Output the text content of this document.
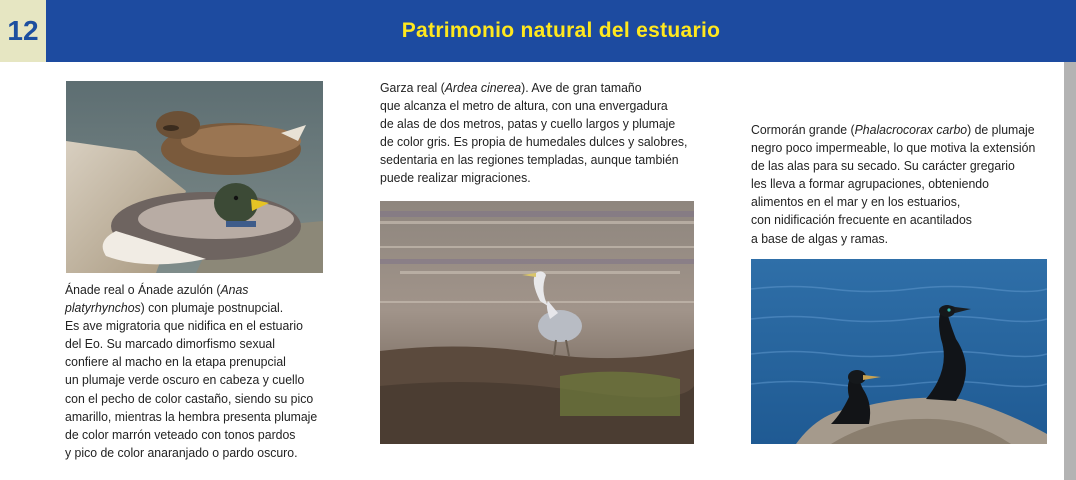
12	Patrimonio natural del estuario
Ánade real o Ánade azulón (Anas
platyrhynchos) con plumaje postnupcial.
Es ave migratoria que nidifica en el estuario
del Eo. Su marcado dimorfismo sexual
confiere al macho en la etapa prenupcial
un plumaje verde oscuro en cabeza y cuello
con el pecho de color castaño, siendo su pico
amarillo, mientras la hembra presenta plumaje
de color marrón veteado con tonos pardos
y pico de color anaranjado o pardo oscuro.
Garza real (Ardea cinerea). Ave de gran tamaño
que alcanza el metro de altura, con una envergadura
de alas de dos metros, patas y cuello largos y plumaje
de color gris. Es propia de humedales dulces y salobres,
sedentaria en las regiones templadas, aunque también
puede realizar migraciones.
Cormorán grande (Phalacrocorax carbo) de plumaje
negro poco impermeable, lo que motiva la extensión
de las alas para su secado. Su carácter gregario
les lleva a formar agrupaciones, obteniendo
alimentos en el mar y en los estuarios,
con nidificación frecuente en acantilados
a base de algas y ramas.
